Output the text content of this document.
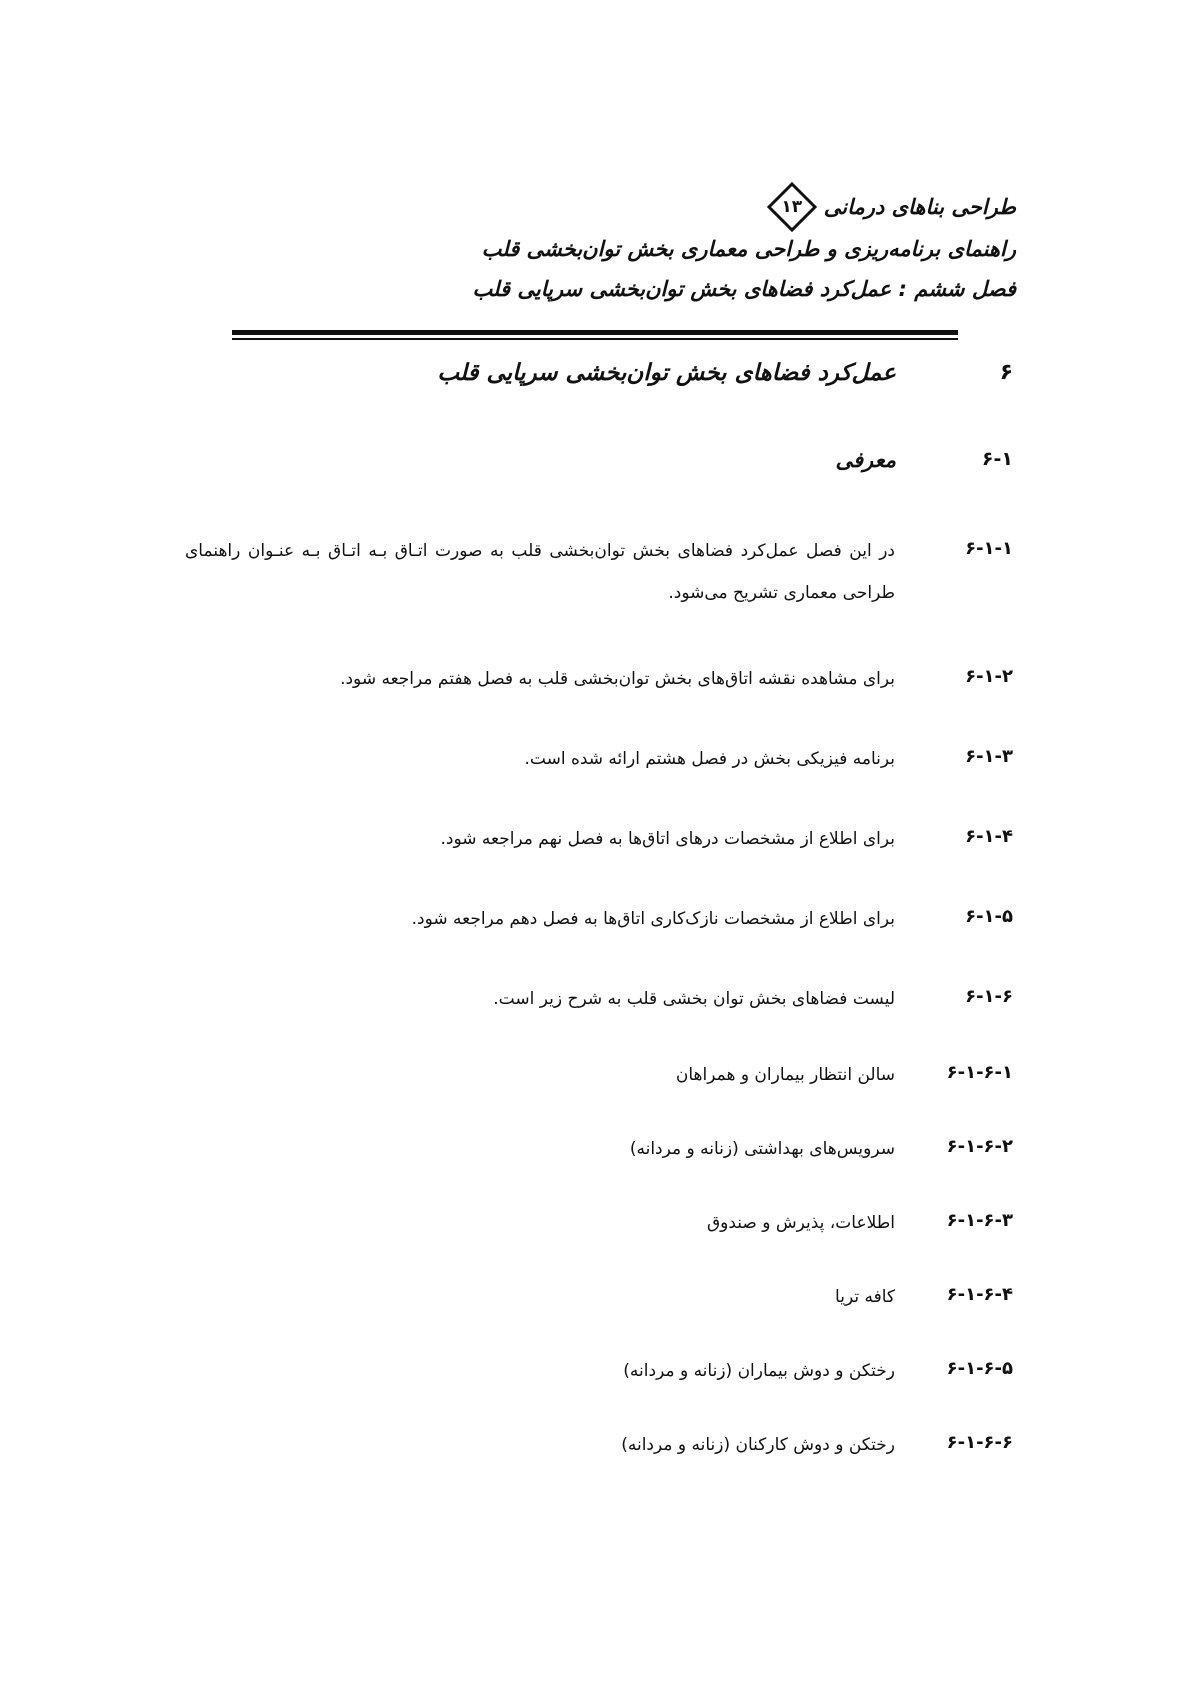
طراحی بناهای درمانی
۱۳
راهنمای برنامه‌ریزی و طراحی معماری بخش توان‌بخشی قلب
فصل ششم : عمل‌کرد فضاهای بخش توان‌بخشی سرپایی قلب
۶
عمل‌کرد فضاهای بخش توان‌بخشی سرپایی قلب
۶-۱
معرفی
۶-۱-۱
در این فصل عمل‌کرد فضاهای بخش توان‌بخشی قلب به صورت اتـاق بـه اتـاق بـه عنـوان راهنمای طراحی معماری تشریح می‌شود.
۶-۱-۲
برای مشاهده نقشه اتاق‌های بخش توان‌بخشی قلب به فصل هفتم مراجعه شود.
۶-۱-۳
برنامه فیزیکی بخش در فصل هشتم ارائه شده است.
۶-۱-۴
برای اطلاع از مشخصات درهای اتاق‌ها به فصل نهم مراجعه شود.
۶-۱-۵
برای اطلاع از مشخصات نازک‌کاری اتاق‌ها به فصل دهم مراجعه شود.
۶-۱-۶
لیست فضاهای بخش توان بخشی قلب به شرح زیر است.
۶-۱-۶-۱
سالن انتظار بیماران و همراهان
۶-۱-۶-۲
سرویس‌های بهداشتی (زنانه و مردانه)
۶-۱-۶-۳
اطلاعات، پذیرش و صندوق
۶-۱-۶-۴
کافه تریا
۶-۱-۶-۵
رختکن و دوش بیماران (زنانه و مردانه)
۶-۱-۶-۶
رختکن و دوش کارکنان (زنانه و مردانه)
